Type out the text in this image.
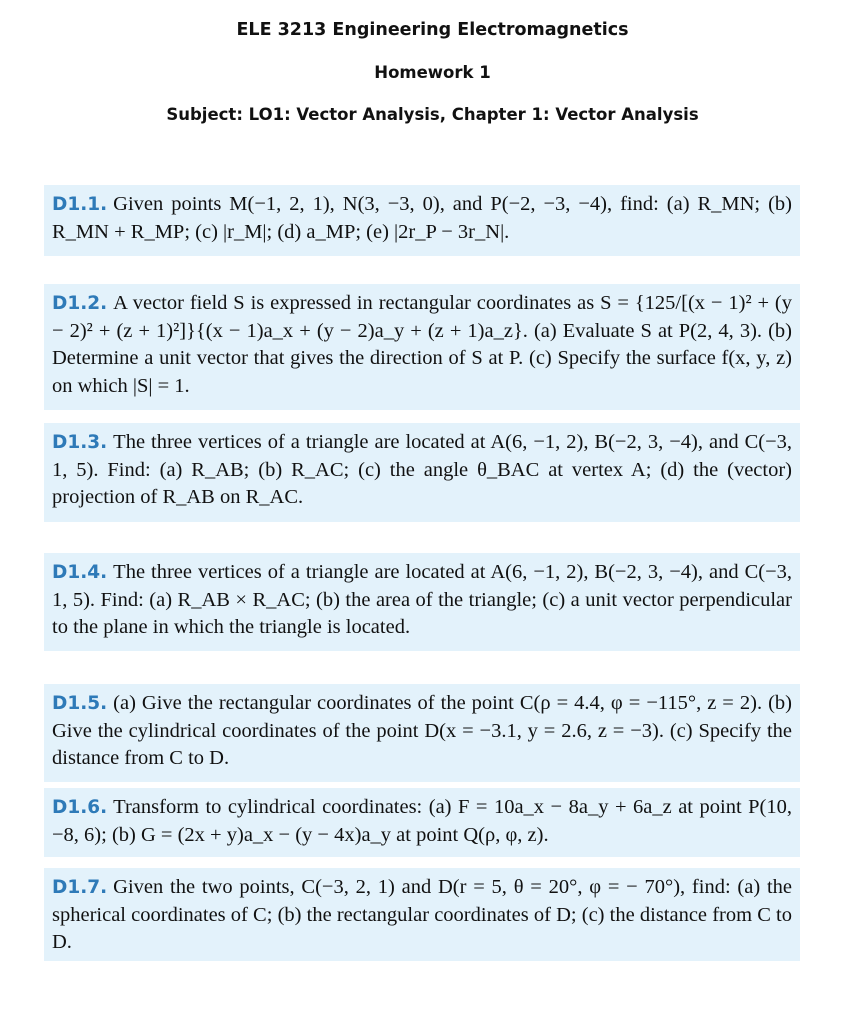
ELE 3213 Engineering Electromagnetics
Homework 1
Subject: LO1: Vector Analysis, Chapter 1: Vector Analysis
D1.1. Given points M(−1, 2, 1), N(3, −3, 0), and P(−2, −3, −4), find: (a) R_MN; (b) R_MN + R_MP; (c) |r_M|; (d) a_MP; (e) |2r_P − 3r_N|.
D1.2. A vector field S is expressed in rectangular coordinates as S = {125/[(x − 1)² + (y − 2)² + (z + 1)²]}{(x − 1)a_x + (y − 2)a_y + (z + 1)a_z}. (a) Evaluate S at P(2, 4, 3). (b) Determine a unit vector that gives the direction of S at P. (c) Specify the surface f(x, y, z) on which |S| = 1.
D1.3. The three vertices of a triangle are located at A(6, −1, 2), B(−2, 3, −4), and C(−3, 1, 5). Find: (a) R_AB; (b) R_AC; (c) the angle θ_BAC at vertex A; (d) the (vector) projection of R_AB on R_AC.
D1.4. The three vertices of a triangle are located at A(6, −1, 2), B(−2, 3, −4), and C(−3, 1, 5). Find: (a) R_AB × R_AC; (b) the area of the triangle; (c) a unit vector perpendicular to the plane in which the triangle is located.
D1.5. (a) Give the rectangular coordinates of the point C(ρ = 4.4, φ = −115°, z = 2). (b) Give the cylindrical coordinates of the point D(x = −3.1, y = 2.6, z = −3). (c) Specify the distance from C to D.
D1.6. Transform to cylindrical coordinates: (a) F = 10a_x − 8a_y + 6a_z at point P(10, −8, 6); (b) G = (2x + y)a_x − (y − 4x)a_y at point Q(ρ, φ, z).
D1.7. Given the two points, C(−3, 2, 1) and D(r = 5, θ = 20°, φ = − 70°), find: (a) the spherical coordinates of C; (b) the rectangular coordinates of D; (c) the distance from C to D.
